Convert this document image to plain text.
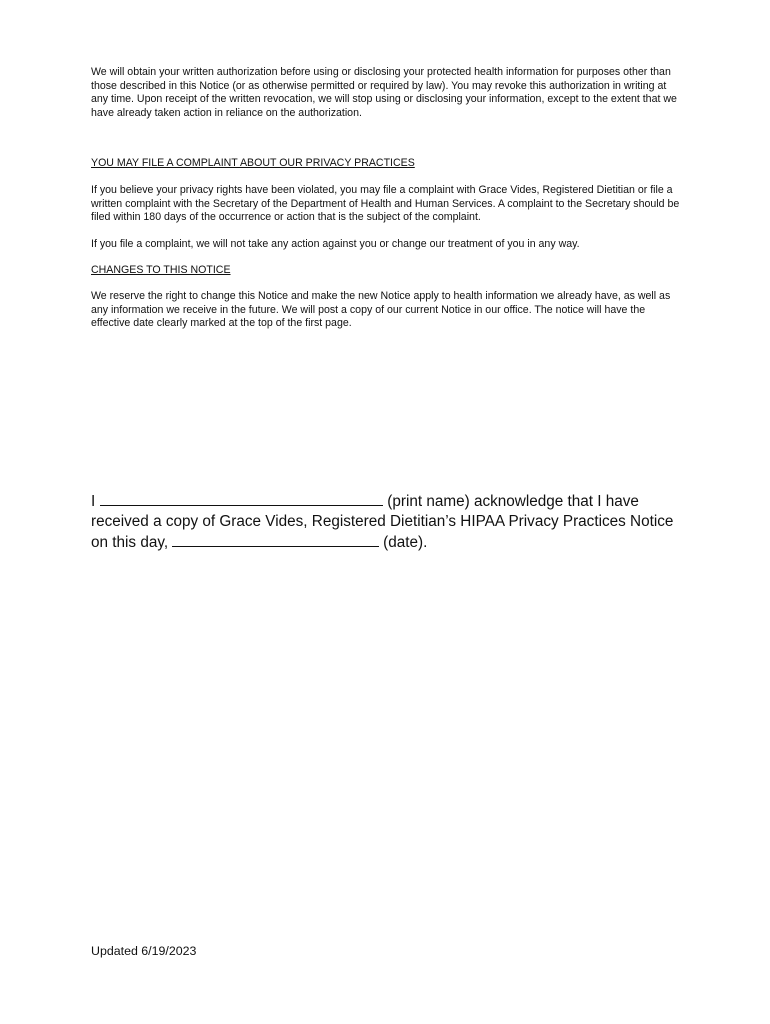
We will obtain your written authorization before using or disclosing your protected health information for purposes other than those described in this Notice (or as otherwise permitted or required by law). You may revoke this authorization in writing at any time. Upon receipt of the written revocation, we will stop using or disclosing your information, except to the extent that we have already taken action in reliance on the authorization.

YOU MAY FILE A COMPLAINT ABOUT OUR PRIVACY PRACTICES

If you believe your privacy rights have been violated, you may file a complaint with Grace Vides, Registered Dietitian or file a written complaint with the Secretary of the Department of Health and Human Services. A complaint to the Secretary should be filed within 180 days of the occurrence or action that is the subject of the complaint.

If you file a complaint, we will not take any action against you or change our treatment of you in any way.

CHANGES TO THIS NOTICE

We reserve the right to change this Notice and make the new Notice apply to health information we already have, as well as any information we receive in the future. We will post a copy of our current Notice in our office. The notice will have the effective date clearly marked at the top of the first page.

I	(print name) acknowledge that I have received a copy of Grace Vides, Registered Dietitian’s HIPAA Privacy Practices Notice on this day,	(date).

Updated 6/19/2023
